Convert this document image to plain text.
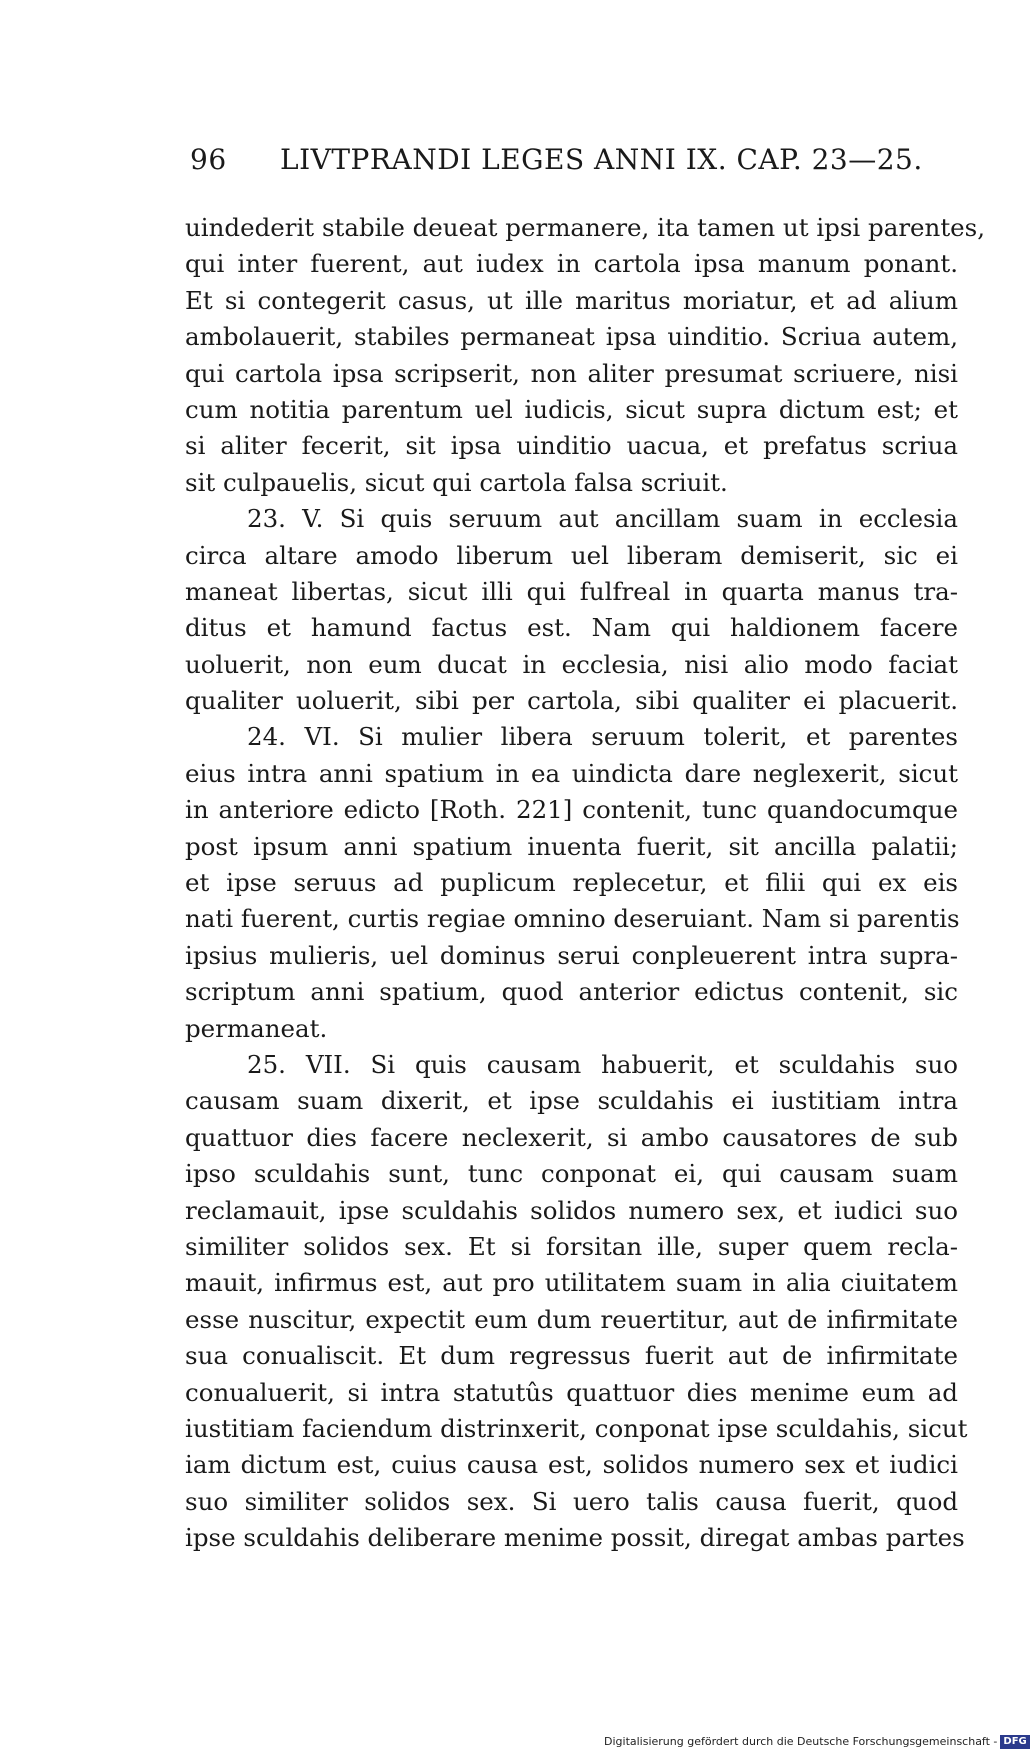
96 LIVTPRANDI LEGES ANNI IX. CAP. 23—25.
uindederit stabile deueat permanere, ita tamen ut ipsi parentes,
qui inter fuerent, aut iudex in cartola ipsa manum ponant.
Et si contegerit casus, ut ille maritus moriatur, et ad alium
ambolauerit, stabiles permaneat ipsa uinditio. Scriua autem,
qui cartola ipsa scripserit, non aliter presumat scriuere, nisi
cum notitia parentum uel iudicis, sicut supra dictum est; et
si aliter fecerit, sit ipsa uinditio uacua, et prefatus scriua
sit culpauelis, sicut qui cartola falsa scriuit.
23. V. Si quis seruum aut ancillam suam in ecclesia
circa altare amodo liberum uel liberam demiserit, sic ei
maneat libertas, sicut illi qui fulfreal in quarta manus tra-
ditus et hamund factus est. Nam qui haldionem facere
uoluerit, non eum ducat in ecclesia, nisi alio modo faciat
qualiter uoluerit, sibi per cartola, sibi qualiter ei placuerit.
24. VI. Si mulier libera seruum tolerit, et parentes
eius intra anni spatium in ea uindicta dare neglexerit, sicut
in anteriore edicto [Roth. 221] contenit, tunc quandocumque
post ipsum anni spatium inuenta fuerit, sit ancilla palatii;
et ipse seruus ad puplicum replecetur, et filii qui ex eis
nati fuerent, curtis regiae omnino deseruiant. Nam si parentis
ipsius mulieris, uel dominus serui conpleuerent intra supra-
scriptum anni spatium, quod anterior edictus contenit, sic
permaneat.
25. VII. Si quis causam habuerit, et sculdahis suo
causam suam dixerit, et ipse sculdahis ei iustitiam intra
quattuor dies facere neclexerit, si ambo causatores de sub
ipso sculdahis sunt, tunc conponat ei, qui causam suam
reclamauit, ipse sculdahis solidos numero sex, et iudici suo
similiter solidos sex. Et si forsitan ille, super quem recla-
mauit, infirmus est, aut pro utilitatem suam in alia ciuitatem
esse nuscitur, expectit eum dum reuertitur, aut de infirmitate
sua conualiscit. Et dum regressus fuerit aut de infirmitate
conualuerit, si intra statutûs quattuor dies menime eum ad
iustitiam faciendum distrinxerit, conponat ipse sculdahis, sicut
iam dictum est, cuius causa est, solidos numero sex et iudici
suo similiter solidos sex. Si uero talis causa fuerit, quod
ipse sculdahis deliberare menime possit, diregat ambas partes
Digitalisierung gefördert durch die Deutsche Forschungsgemeinschaft - DFG
